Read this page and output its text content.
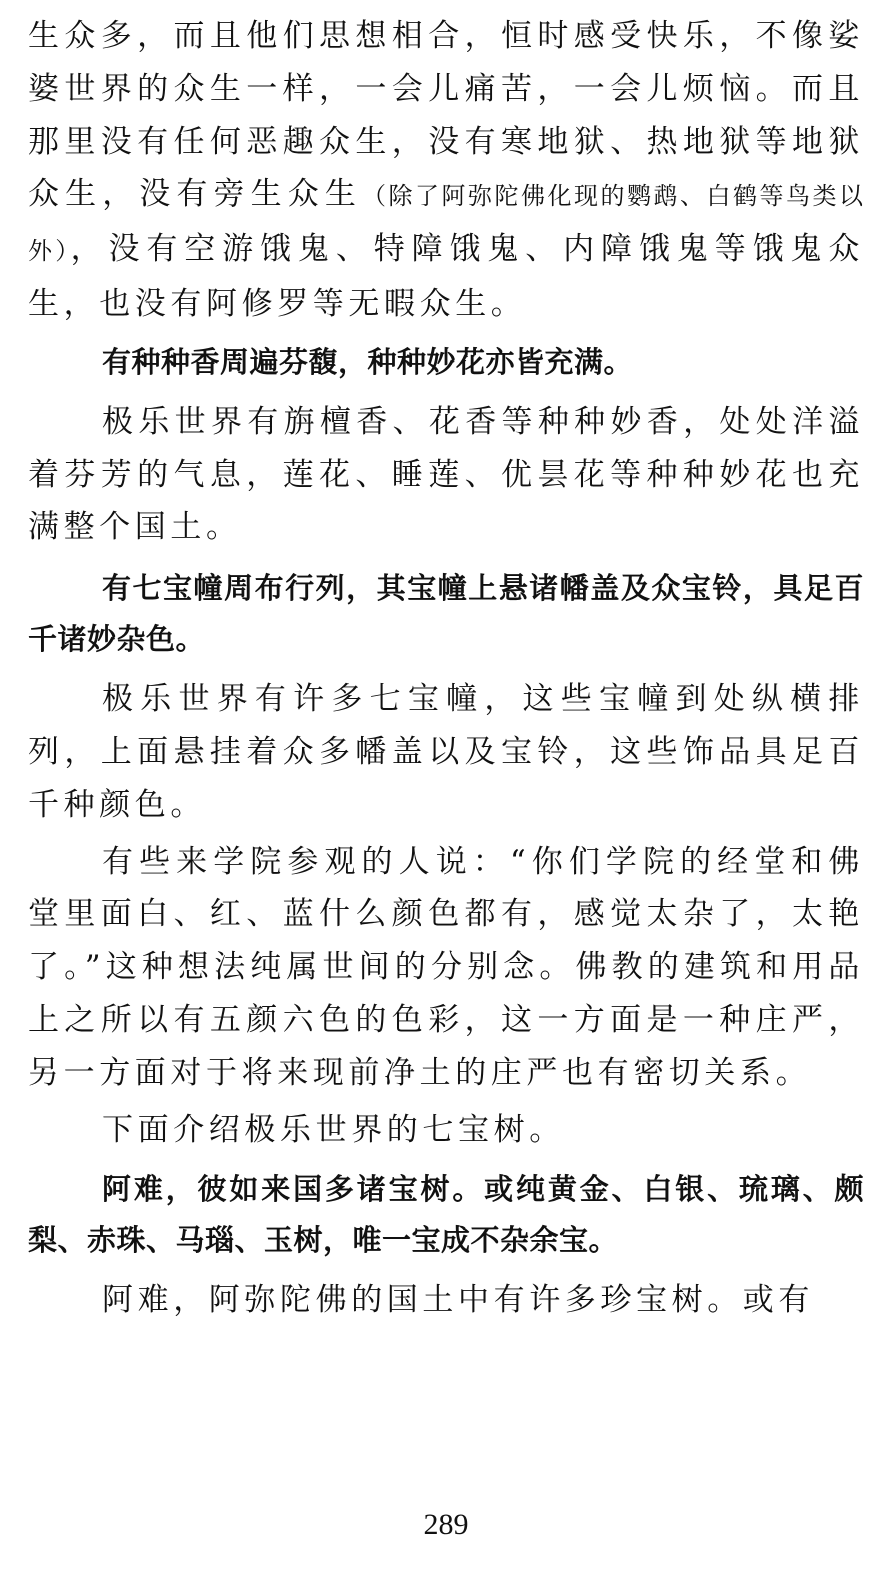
生众多，而且他们思想相合，恒时感受快乐，不像娑婆世界的众生一样，一会儿痛苦，一会儿烦恼。而且那里没有任何恶趣众生，没有寒地狱、热地狱等地狱众生，没有旁生众生（除了阿弥陀佛化现的鹦鹉、白鹤等鸟类以外），没有空游饿鬼、特障饿鬼、内障饿鬼等饿鬼众生，也没有阿修罗等无暇众生。

有种种香周遍芬馥，种种妙花亦皆充满。

极乐世界有旃檀香、花香等种种妙香，处处洋溢着芬芳的气息，莲花、睡莲、优昙花等种种妙花也充满整个国土。

有七宝幢周布行列，其宝幢上悬诸幡盖及众宝铃，具足百千诸妙杂色。

极乐世界有许多七宝幢，这些宝幢到处纵横排列，上面悬挂着众多幡盖以及宝铃，这些饰品具足百千种颜色。

有些来学院参观的人说：“你们学院的经堂和佛堂里面白、红、蓝什么颜色都有，感觉太杂了，太艳了。”这种想法纯属世间的分别念。佛教的建筑和用品上之所以有五颜六色的色彩，这一方面是一种庄严，另一方面对于将来现前净土的庄严也有密切关系。

下面介绍极乐世界的七宝树。

阿难，彼如来国多诸宝树。或纯黄金、白银、琉璃、颇梨、赤珠、马瑙、玉树，唯一宝成不杂余宝。

阿难，阿弥陀佛的国土中有许多珍宝树。或有

289
